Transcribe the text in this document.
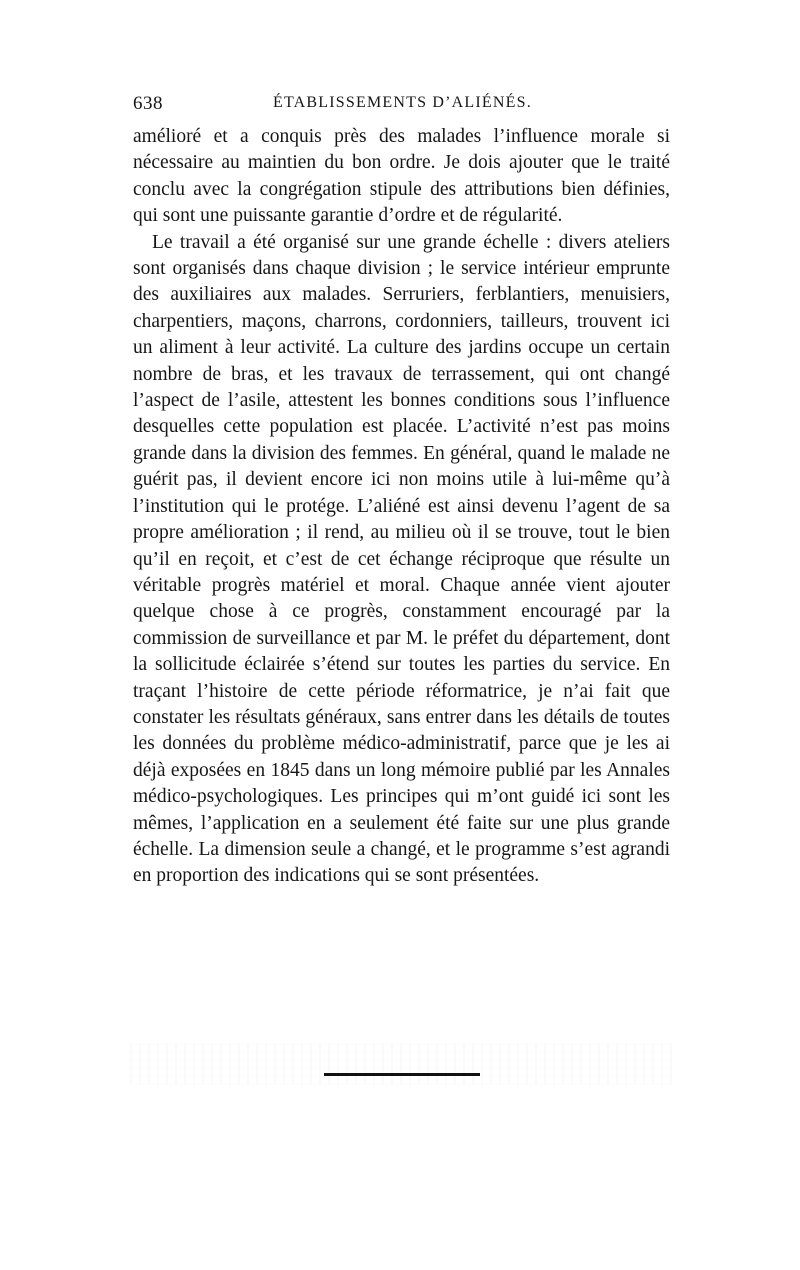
638	ÉTABLISSEMENTS D’ALIÉNÉS.

amélioré et a conquis près des malades l’influence morale si nécessaire au maintien du bon ordre. Je dois ajouter que le traité conclu avec la congrégation stipule des attributions bien définies, qui sont une puissante garantie d’ordre et de régularité.

Le travail a été organisé sur une grande échelle : divers ateliers sont organisés dans chaque division ; le service intérieur emprunte des auxiliaires aux malades. Serruriers, ferblantiers, menuisiers, charpentiers, maçons, charrons, cordonniers, tailleurs, trouvent ici un aliment à leur activité. La culture des jardins occupe un certain nombre de bras, et les travaux de terrassement, qui ont changé l’aspect de l’asile, attestent les bonnes conditions sous l’influence desquelles cette population est placée. L’activité n’est pas moins grande dans la division des femmes. En général, quand le malade ne guérit pas, il devient encore ici non moins utile à lui-même qu’à l’institution qui le protége. L’aliéné est ainsi devenu l’agent de sa propre amélioration ; il rend, au milieu où il se trouve, tout le bien qu’il en reçoit, et c’est de cet échange réciproque que résulte un véritable progrès matériel et moral. Chaque année vient ajouter quelque chose à ce progrès, constamment encouragé par la commission de surveillance et par M. le préfet du département, dont la sollicitude éclairée s’étend sur toutes les parties du service. En traçant l’histoire de cette période réformatrice, je n’ai fait que constater les résultats généraux, sans entrer dans les détails de toutes les données du problème médico-administratif, parce que je les ai déjà exposées en 1845 dans un long mémoire publié par les Annales médico-psychologiques. Les principes qui m’ont guidé ici sont les mêmes, l’application en a seulement été faite sur une plus grande échelle. La dimension seule a changé, et le programme s’est agrandi en proportion des indications qui se sont présentées.
